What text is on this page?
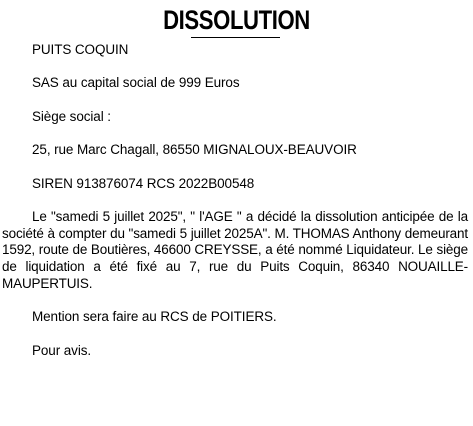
DISSOLUTION

PUITS COQUIN

SAS au capital social de 999 Euros

Siège social :

25, rue Marc Chagall, 86550 MIGNALOUX-BEAUVOIR

SIREN 913876074 RCS 2022B00548

Le "samedi 5 juillet 2025", " l'AGE " a décidé la dissolution anticipée de la société à compter du "samedi 5 juillet 2025A". M. THOMAS Anthony demeurant 1592, route de Boutières, 46600 CREYSSE, a été nommé Liquidateur. Le siège de liquidation a été fixé au 7, rue du Puits Coquin, 86340 NOUAILLE-MAUPERTUIS.

Mention sera faire au RCS de POITIERS.

Pour avis.
